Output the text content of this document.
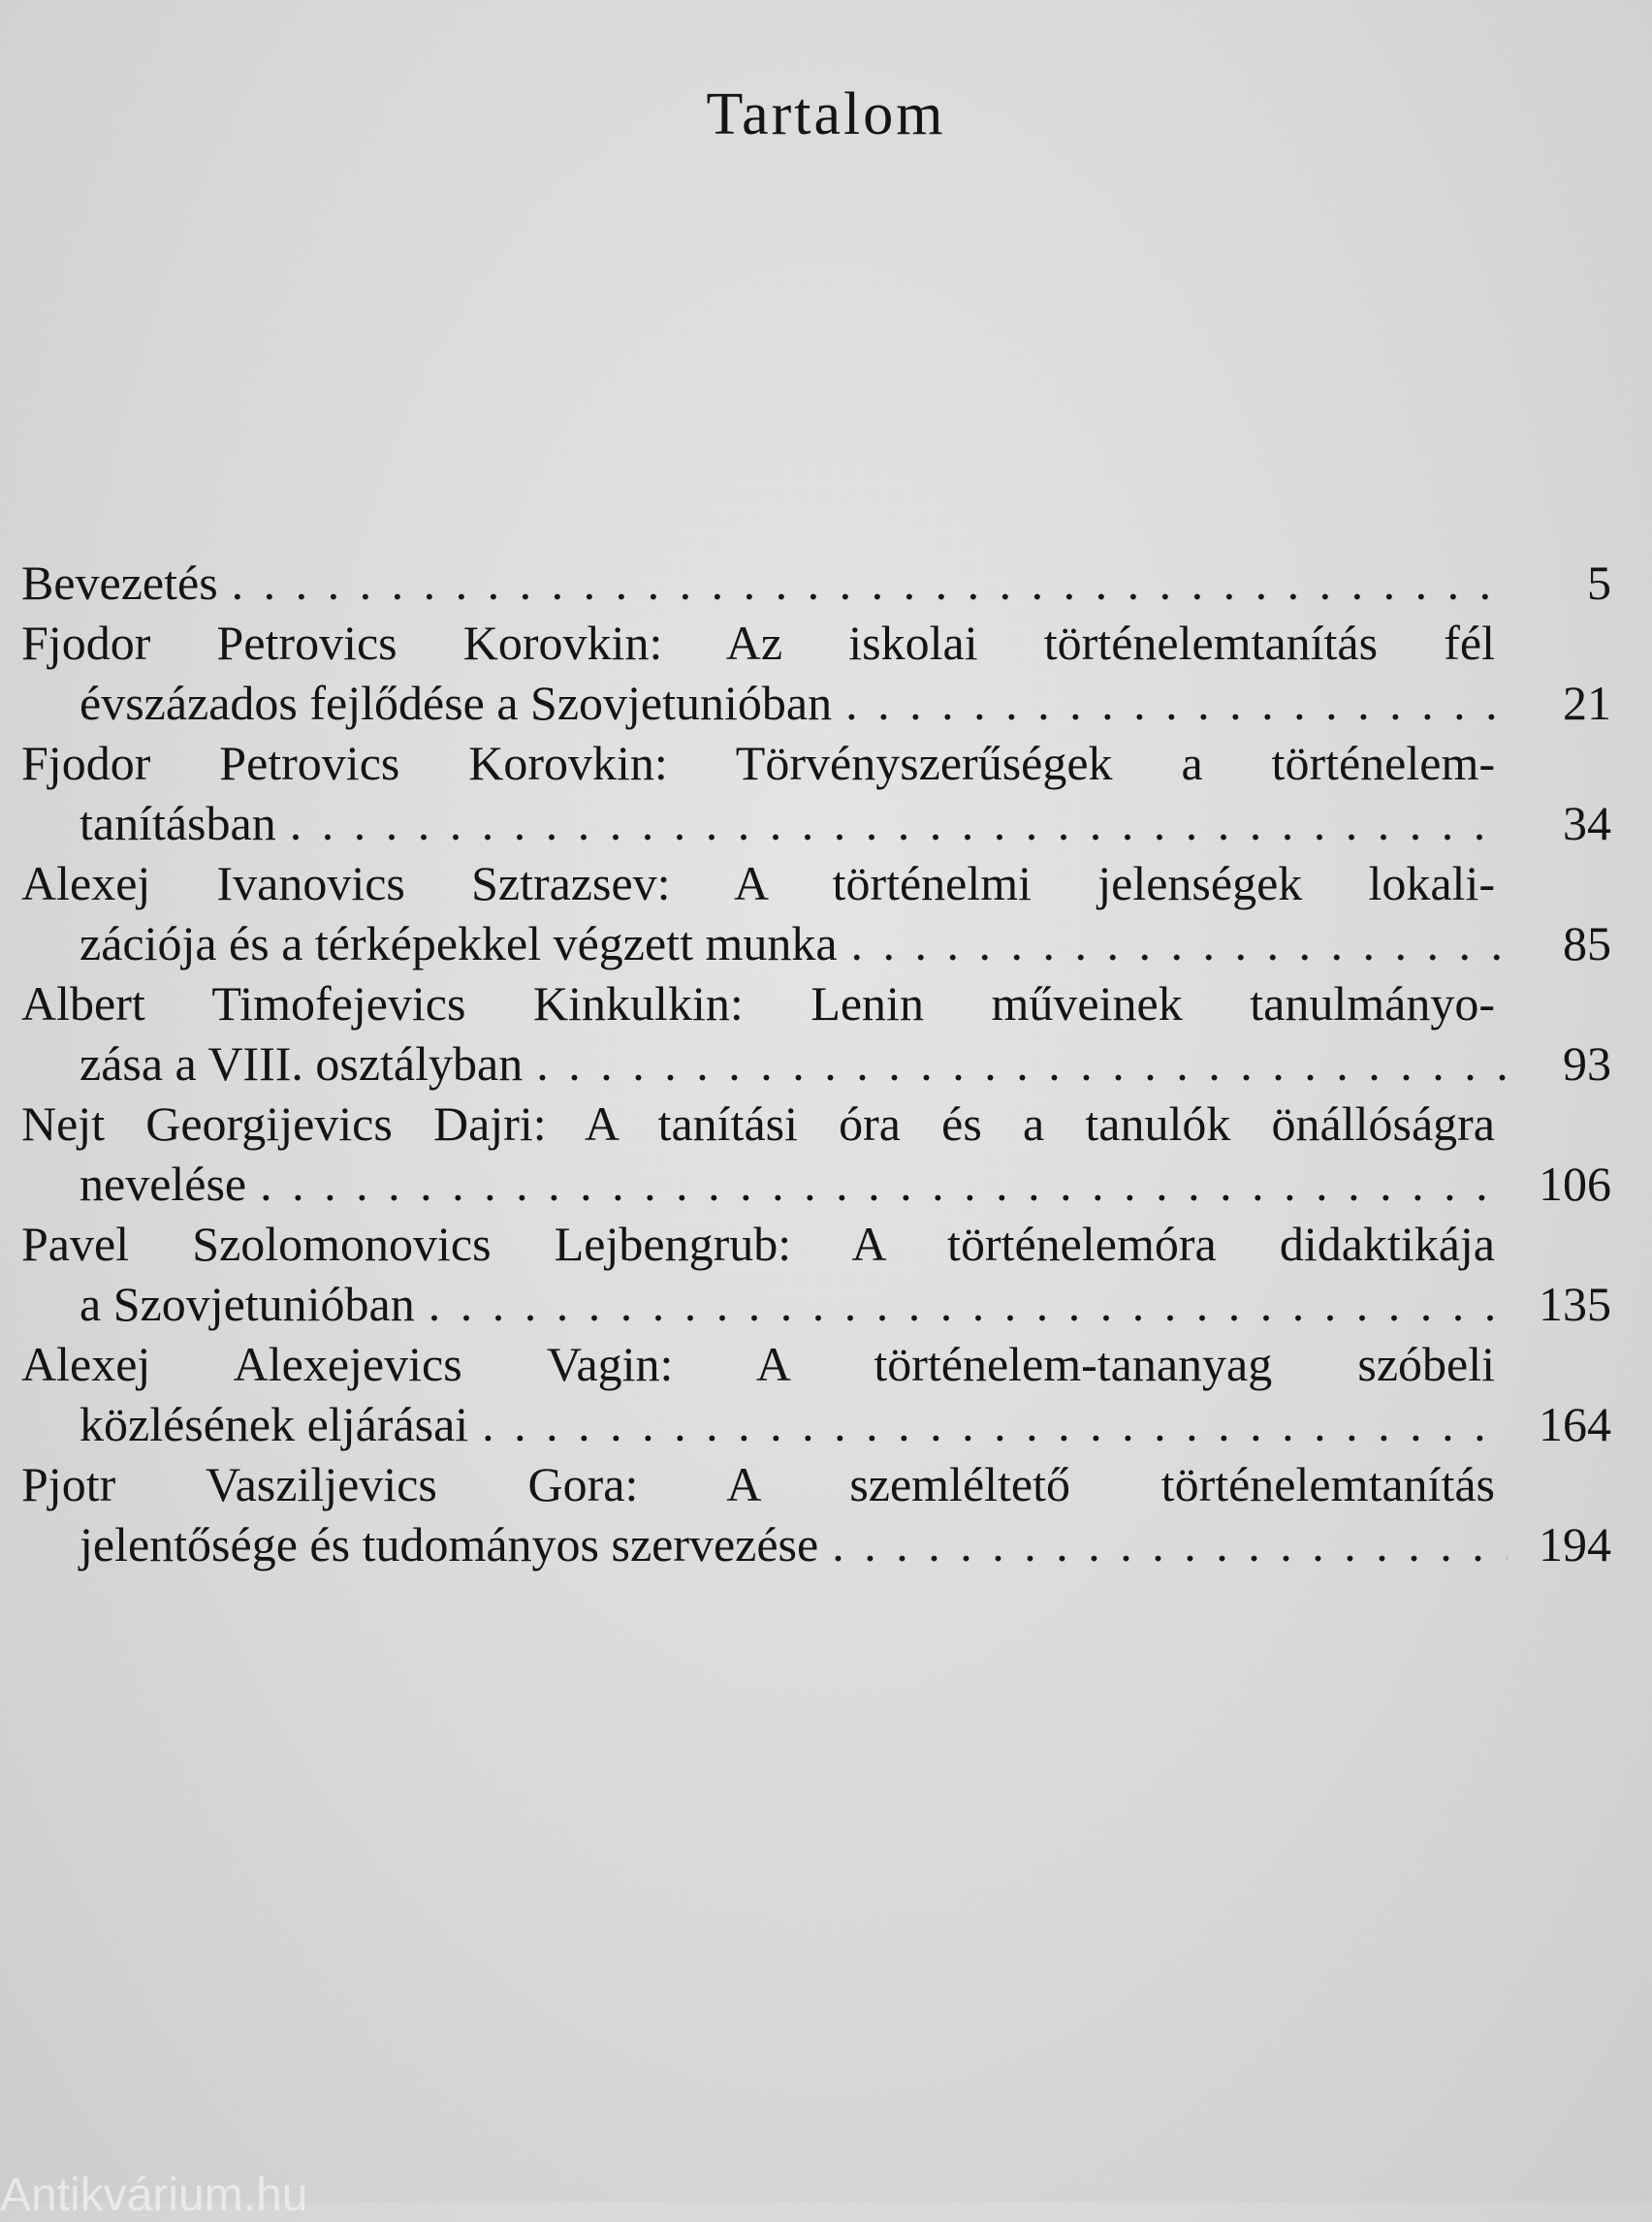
Tartalom
Bevezetés . . .	5
Fjodor Petrovics Korovkin: Az iskolai történelemtanítás fél
évszázados fejlődése a Szovjetunióban . . .	21
Fjodor Petrovics Korovkin: Törvényszerűségek a történelem-
tanításban . . .	34
Alexej Ivanovics Sztrazsev: A történelmi jelenségek lokali-
zációja és a térképekkel végzett munka . . .	85
Albert Timofejevics Kinkulkin: Lenin műveinek tanulmányo-
zása a VIII. osztályban . . .	93
Nejt Georgijevics Dajri: A tanítási óra és a tanulók önállóságra
nevelése . . .	106
Pavel Szolomonovics Lejbengrub: A történelemóra didaktikája
a Szovjetunióban . . .	135
Alexej Alexejevics Vagin: A történelem-tananyag szóbeli
közlésének eljárásai . . .	164
Pjotr Vasziljevics Gora: A szemléltető történelemtanítás
jelentősége és tudományos szervezése . . .	194
Antikvárium.hu
